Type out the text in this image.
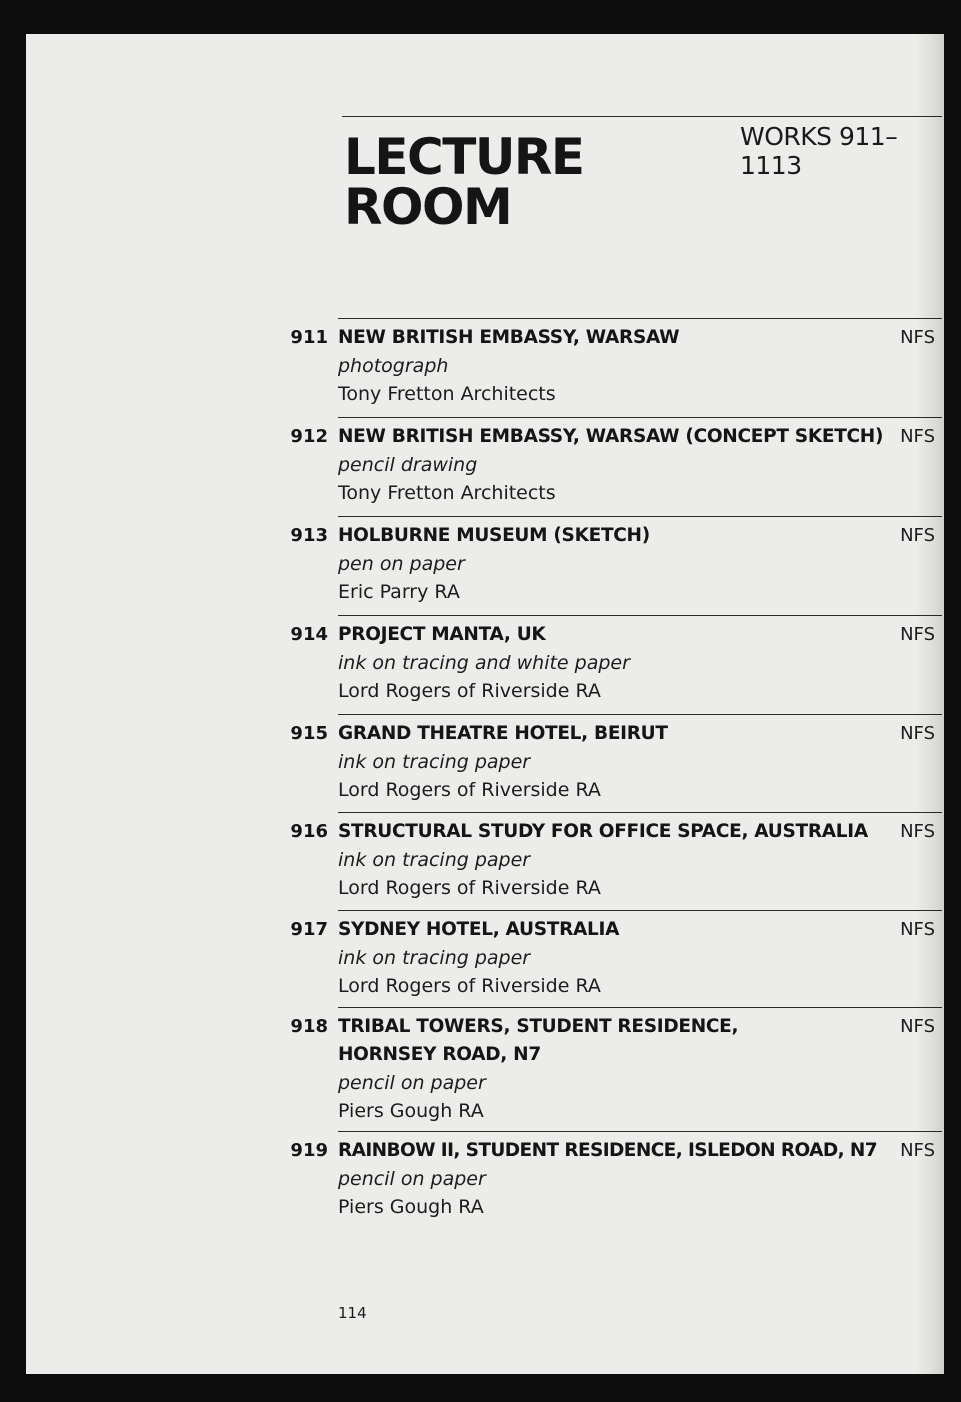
LECTURE
ROOM
WORKS 911–1113
911 NEW BRITISH EMBASSY, WARSAW
photograph
Tony Fretton Architects
NFS
912 NEW BRITISH EMBASSY, WARSAW (CONCEPT SKETCH)
pencil drawing
Tony Fretton Architects
NFS
913 HOLBURNE MUSEUM (SKETCH)
pen on paper
Eric Parry RA
NFS
914 PROJECT MANTA, UK
ink on tracing and white paper
Lord Rogers of Riverside RA
NFS
915 GRAND THEATRE HOTEL, BEIRUT
ink on tracing paper
Lord Rogers of Riverside RA
NFS
916 STRUCTURAL STUDY FOR OFFICE SPACE, AUSTRALIA
ink on tracing paper
Lord Rogers of Riverside RA
NFS
917 SYDNEY HOTEL, AUSTRALIA
ink on tracing paper
Lord Rogers of Riverside RA
NFS
918 TRIBAL TOWERS, STUDENT RESIDENCE,
HORNSEY ROAD, N7
pencil on paper
Piers Gough RA
NFS
919 RAINBOW II, STUDENT RESIDENCE, ISLEDON ROAD, N7
pencil on paper
Piers Gough RA
NFS
114
